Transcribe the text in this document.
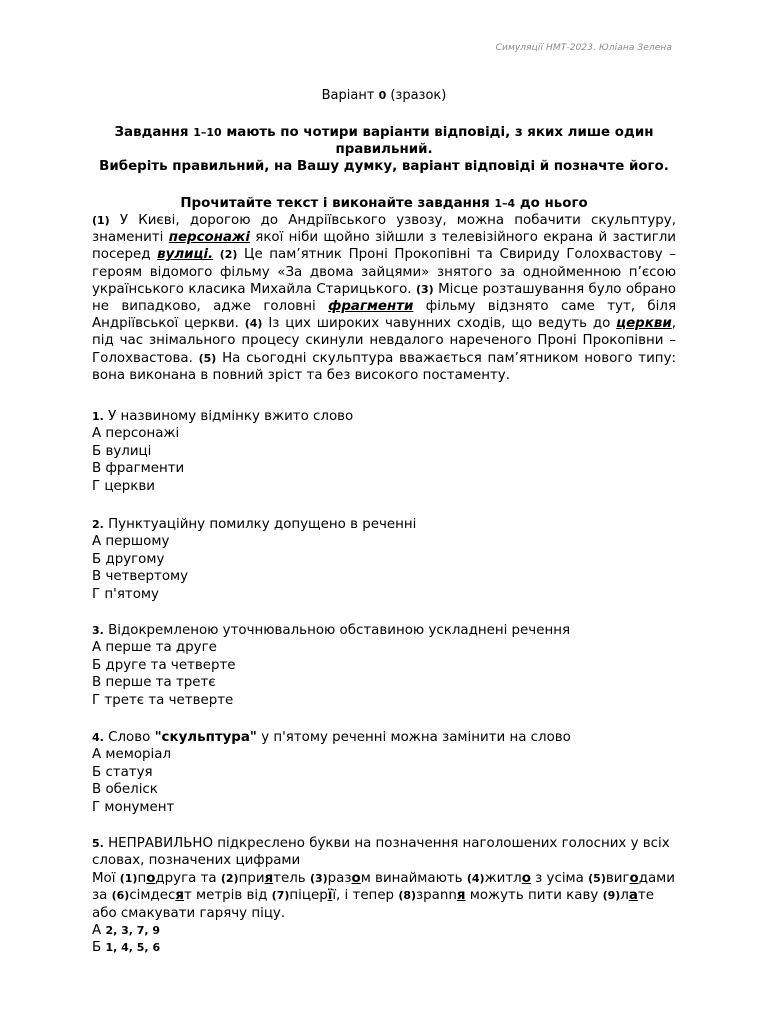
Симуляції НМТ-2023. Юліана Зелена
Варіант 0 (зразок)
Завдання 1–10 мають по чотири варіанти відповіді, з яких лише один правильний.
Виберіть правильний, на Вашу думку, варіант відповіді й позначте його.
Прочитайте текст і виконайте завдання 1–4 до нього
(1) У Києві, дорогою до Андріївського узвозу, можна побачити скульптуру, знамениті персонажі якої ніби щойно зійшли з телевізійного екрана й застигли посеред вулиці. (2) Це пам’ятник Проні Прокопівні та Свириду Голохвастову – героям відомого фільму «За двома зайцями» знятого за однойменною п’єсою українського класика Михайла Старицького. (3) Місце розташування було обрано не випадково, адже головні фрагменти фільму відзнято саме тут, біля Андріївської церкви. (4) Із цих широких чавунних сходів, що ведуть до церкви, під час знімального процесу скинули невдалого нареченого Проні Прокопівни – Голохвастова. (5) На сьогодні скульптура вважається пам’ятником нового типу: вона виконана в повний зріст та без високого постаменту.
1. У назвиному відмінку вжито слово
А персонажі
Б вулиці
В фрагменти
Г церкви
2. Пунктуаційну помилку допущено в реченні
А першому
Б другому
В четвертому
Г п'ятому
3. Відокремленою уточнювальною обставиною ускладнені речення
А перше та друге
Б друге та четверте
В перше та третє
Г третє та четверте
4. Слово "скульптура" у п'ятому реченні можна замінити на слово
А меморіал
Б статуя
В обеліск
Г монумент
5. НЕПРАВИЛЬНО підкреслено букви на позначення наголошених голосних у всіх словах, позначених цифрами
Мої (1)подруга та (2)приятель (3)разом винаймають (4)житло з усіма (5)вигодами за (6)сімдесят метрів від (7)піцерїї, і тепер (8)зрannя можуть пити каву (9)лате або смакувати гарячу піцу.
А 2, 3, 7, 9
Б 1, 4, 5, 6
